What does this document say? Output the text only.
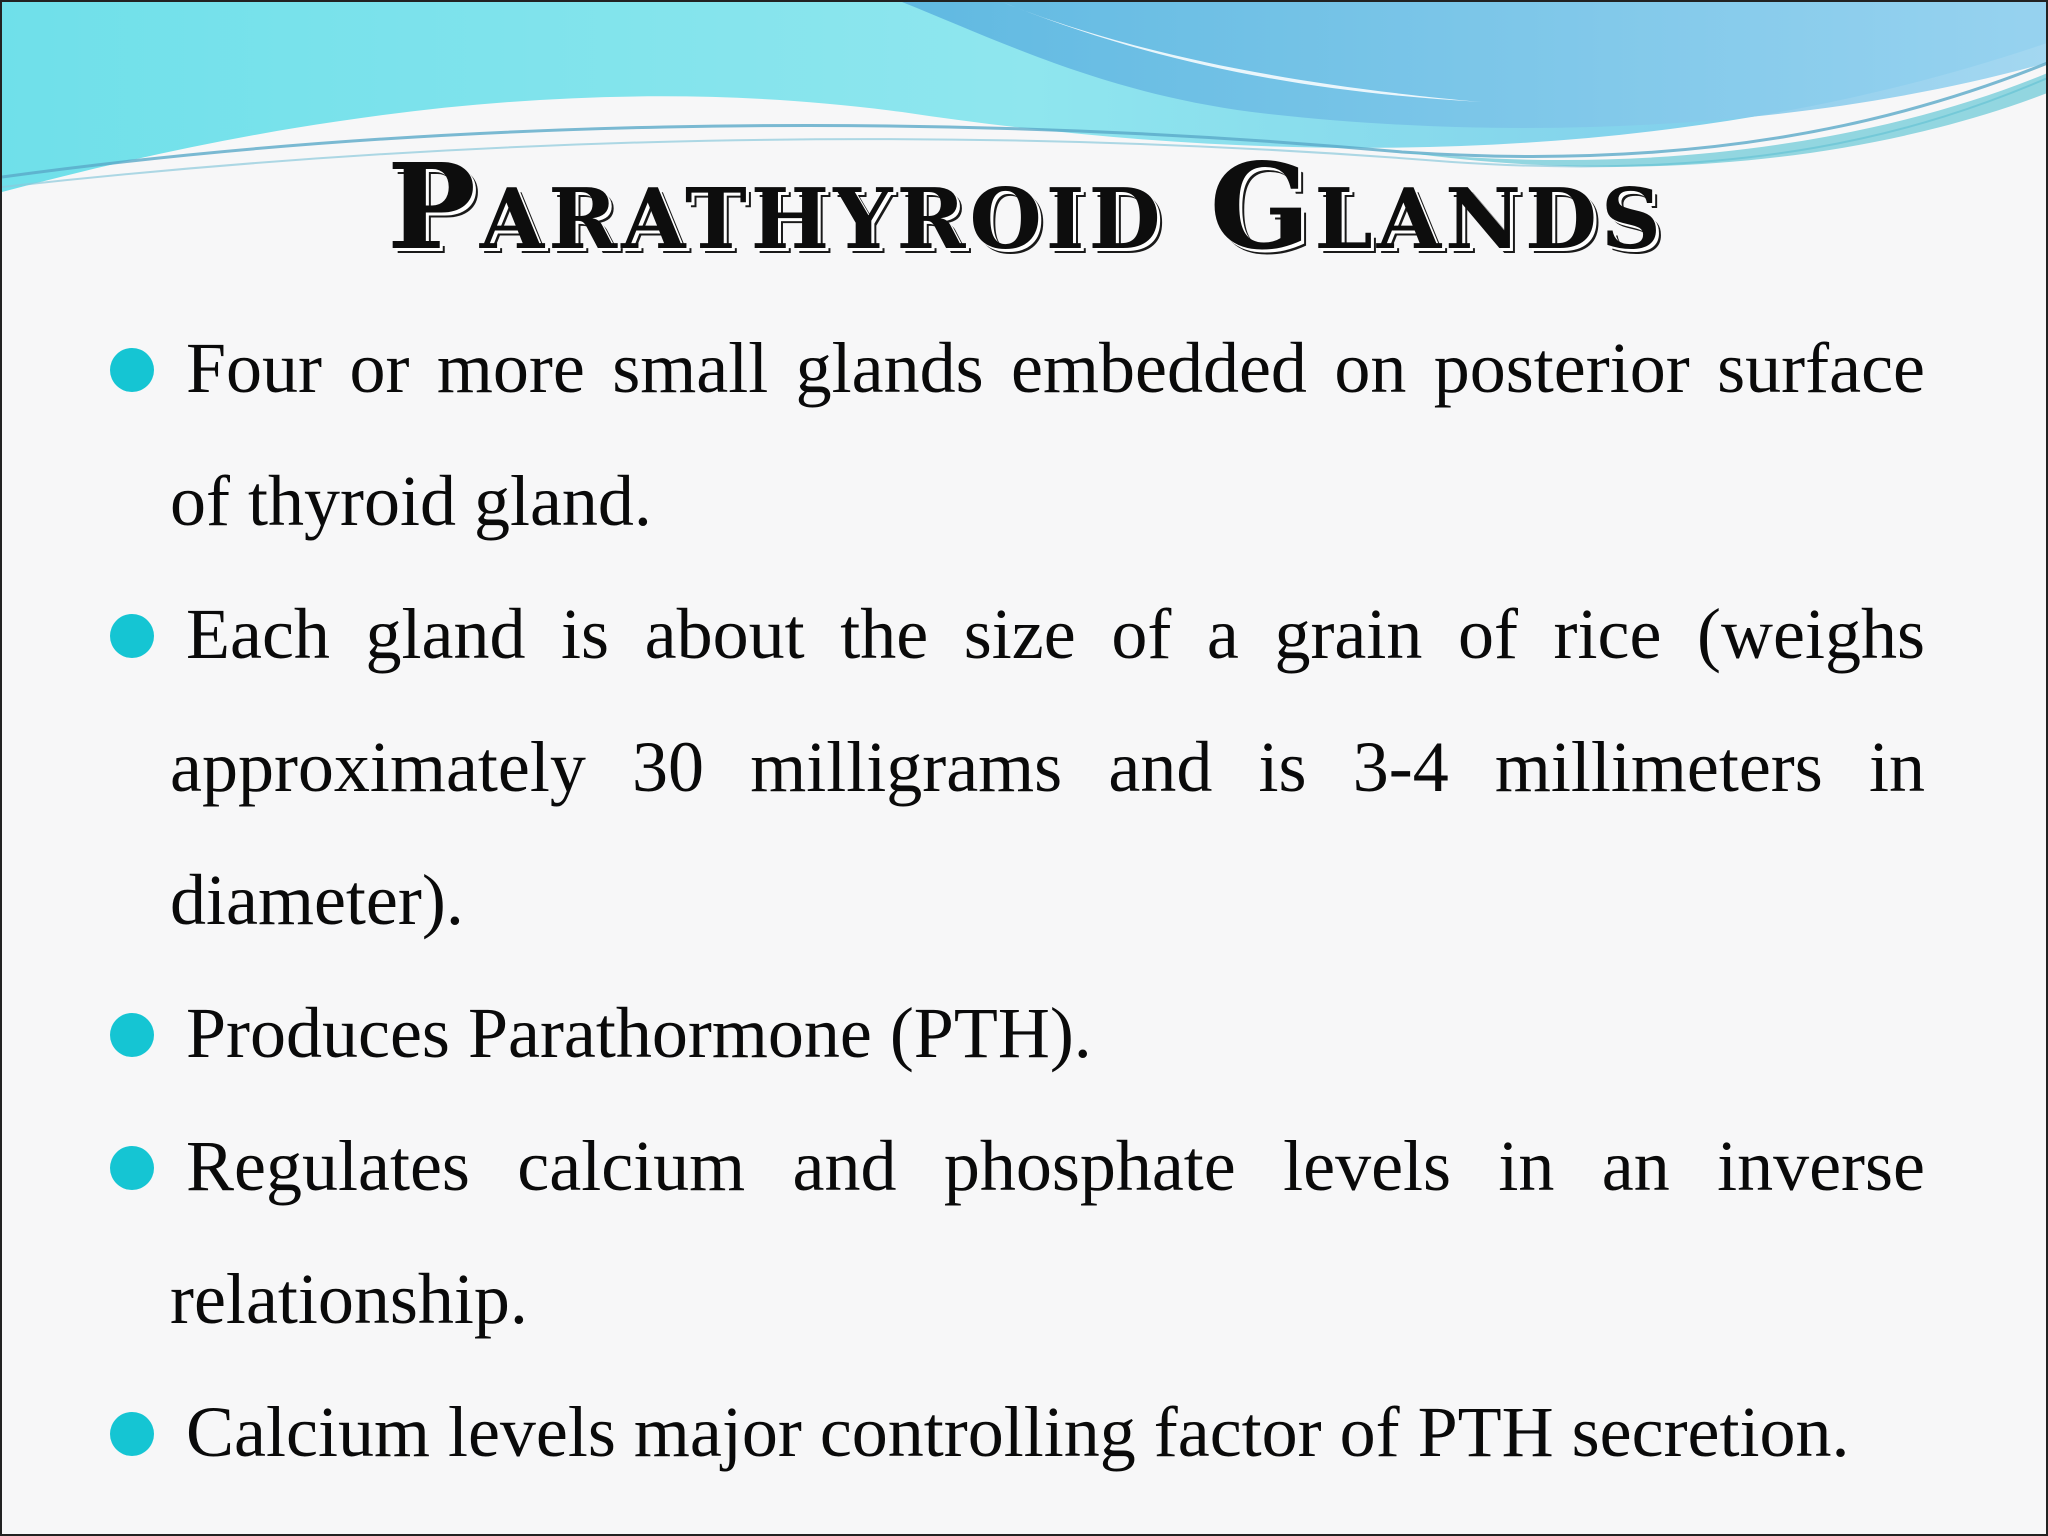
Parathyroid Glands
Four or more small glands embedded on posterior surface of thyroid gland.
Each gland is about the size of a grain of rice (weighs approximately 30 milligrams and is 3-4 millimeters in diameter).
Produces Parathormone (PTH).
Regulates calcium and phosphate levels in an inverse relationship.
Calcium levels major controlling factor of PTH secretion.
